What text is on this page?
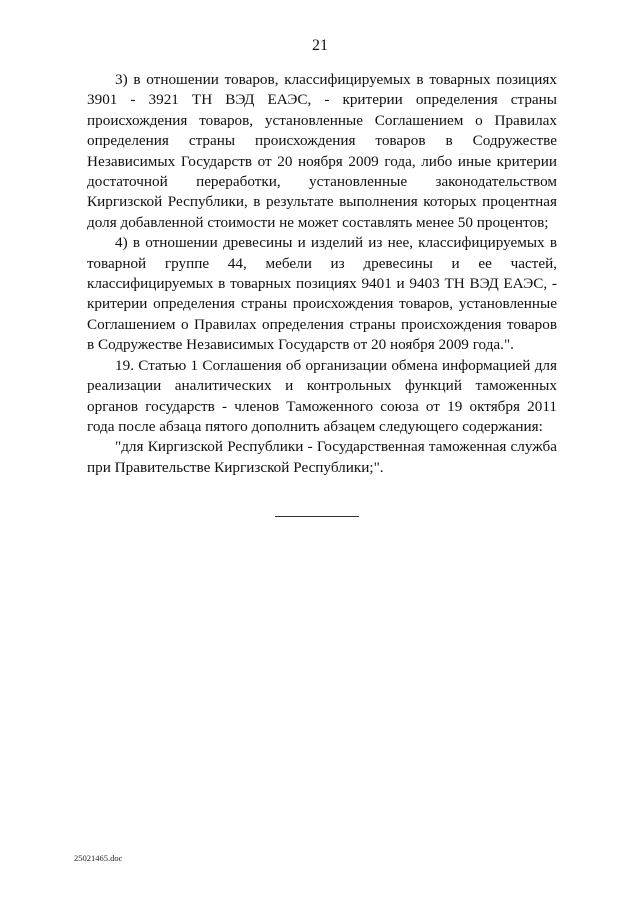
21

3) в отношении товаров, классифицируемых в товарных позициях 3901 - 3921 ТН ВЭД ЕАЭС, - критерии определения страны происхождения товаров, установленные Соглашением о Правилах определения страны происхождения товаров в Содружестве Независимых Государств от 20 ноября 2009 года, либо иные критерии достаточной переработки, установленные законодательством Киргизской Республики, в результате выполнения которых процентная доля добавленной стоимости не может составлять менее 50 процентов;

4) в отношении древесины и изделий из нее, классифицируемых в товарной группе 44, мебели из древесины и ее частей, классифицируемых в товарных позициях 9401 и 9403 ТН ВЭД ЕАЭС, - критерии определения страны происхождения товаров, установленные Соглашением о Правилах определения страны происхождения товаров в Содружестве Независимых Государств от 20 ноября 2009 года.".

19. Статью 1 Соглашения об организации обмена информацией для реализации аналитических и контрольных функций таможенных органов государств - членов Таможенного союза от 19 октября 2011 года после абзаца пятого дополнить абзацем следующего содержания:

"для Киргизской Республики - Государственная таможенная служба при Правительстве Киргизской Республики;".

25021465.doc
